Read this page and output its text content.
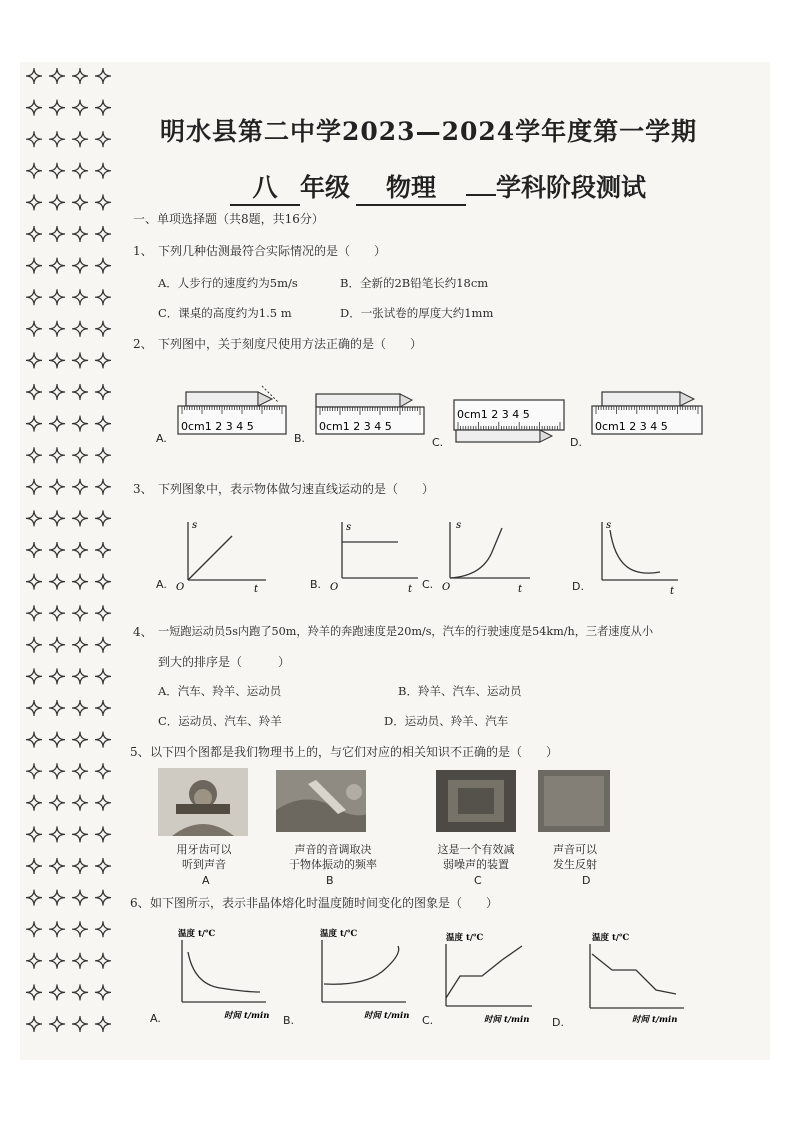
明水县第二中学2023—2024学年度第一学期
八 年级 物理 学科阶段测试
一、单项选择题（共8题，共16分）
1、 下列几种估测最符合实际情况的是（　　）
A．人步行的速度约为5m/s	B．全新的2B铅笔长约18cm
C．课桌的高度约为1.5 m	D．一张试卷的厚度大约1mm
2、 下列图中，关于刻度尺使用方法正确的是（　　）
A.	B.	C.	D.
0cm1 2 3 4 5	0cm1 2 3 4 5
0cm1 2 3 4 5
0cm1 2 3 4 5
3、 下列图象中，表示物体做匀速直线运动的是（　　）
A.	B.	C.	D.
s
t
O
s
t
O
s
t
O
s
t
4、 一短跑运动员5s内跑了50m，羚羊的奔跑速度是20m/s，汽车的行驶速度是54km/h，三者速度从小
到大的排序是（　　　）
A．汽车、羚羊、运动员	B．羚羊、汽车、运动员
C．运动员、汽车、羚羊	D．运动员、羚羊、汽车
5、 以下四个图都是我们物理书上的，与它们对应的相关知识不正确的是（　　）
用牙齿可以
听到声音
声音的音调取决
于物体振动的频率
这是一个有效减
弱噪声的装置
声音可以
发生反射
A	B	C	D
6、 如下图所示，表示非晶体熔化时温度随时间变化的图象是（　　）
A.	B.	C.	D.
温度 t/℃
时间 t/min
温度 t/℃
时间 t/min
温度 t/℃
时间 t/min
温度 t/℃
时间 t/min
